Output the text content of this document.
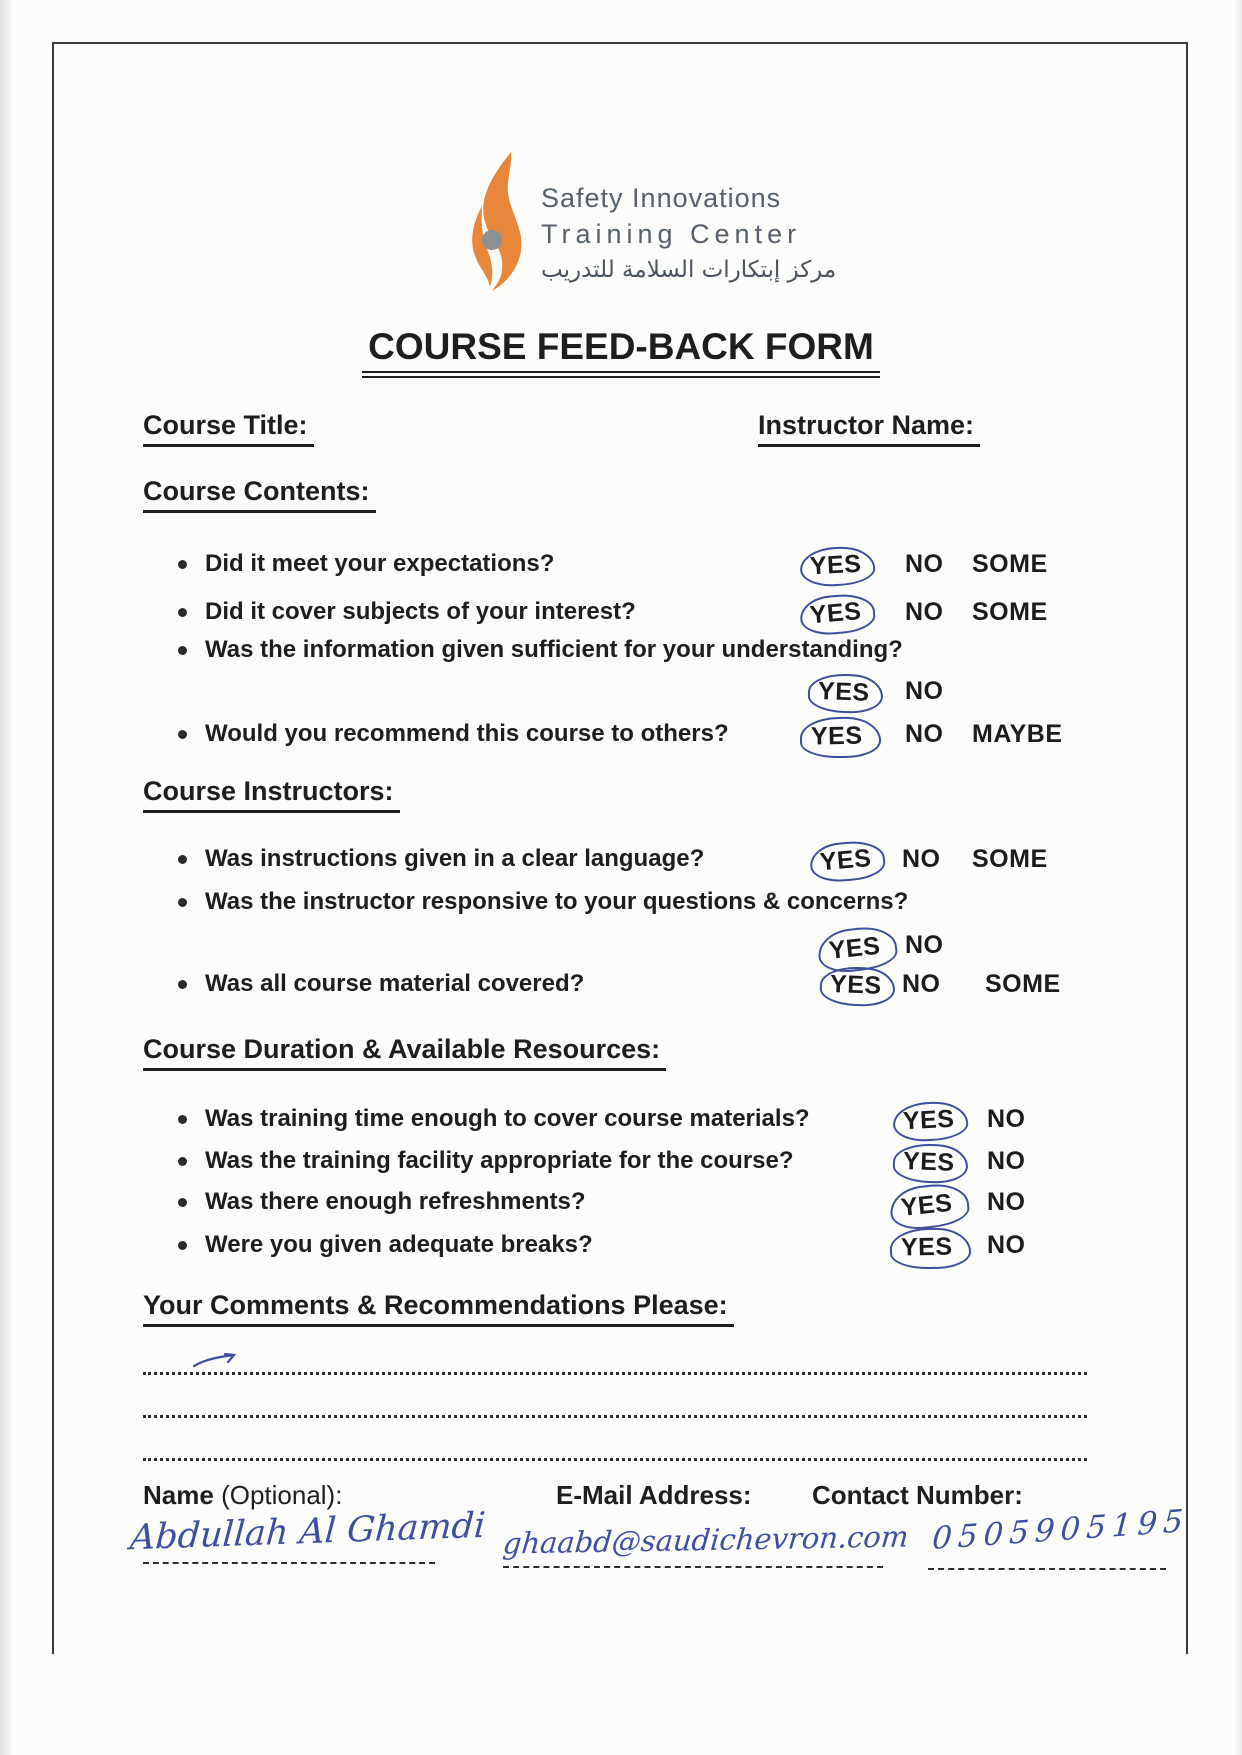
Safety Innovations
Training Center
مركز إبتكارات السلامة للتدريب
COURSE FEED-BACK FORM
Course Title:	Instructor Name:
Course Contents:
Did it meet your expectations?	YES	NO SOME
Did it cover subjects of your interest?	YES	NO SOME
Was the information given sufficient for your understanding?
YES	NO
Would you recommend this course to others?	YES	NO MAYBE
Course Instructors:
Was instructions given in a clear language?	YES	NO SOME
Was the instructor responsive to your questions & concerns?
YES NO
Was all course material covered?	YES NO SOME
Course Duration & Available Resources:
Was training time enough to cover course materials?	YES	NO
Was the training facility appropriate for the course?	YES	NO
Was there enough refreshments?	YES	NO
Were you given adequate breaks?	YES	NO
Your Comments & Recommendations Please:
Name (Optional):	E-Mail Address: Contact Number:
Abdullah Al Ghamdi ghaabd@saudichevron.com 0505905195
